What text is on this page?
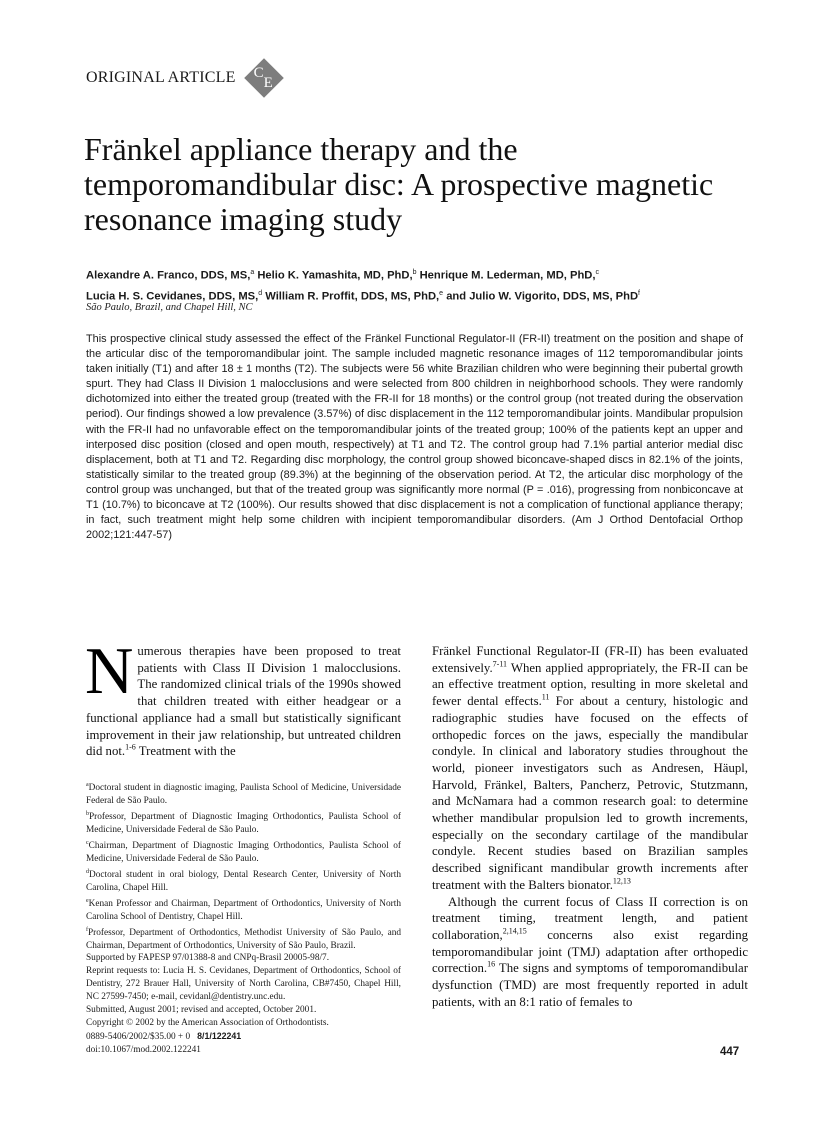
ORIGINAL ARTICLE C
E
Fränkel appliance therapy and the temporomandibular disc: A prospective magnetic resonance imaging study
Alexandre A. Franco, DDS, MS,$^a$ Helio K. Yamashita, MD, PhD,$^b$ Henrique M. Lederman, MD, PhD,$^c$
Lucia H. S. Cevidanes, DDS, MS,$^d$ William R. Proffit, DDS, MS, PhD,$^e$ and Julio W. Vigorito, DDS, MS, PhD$^f$
São Paulo, Brazil, and Chapel Hill, NC
This prospective clinical study assessed the effect of the Fränkel Functional Regulator-II (FR-II) treatment on the position and shape of the articular disc of the temporomandibular joint. The sample included magnetic resonance images of 112 temporomandibular joints taken initially (T1) and after 18 ± 1 months (T2). The subjects were 56 white Brazilian children who were beginning their pubertal growth spurt. They had Class II Division 1 malocclusions and were selected from 800 children in neighborhood schools. They were randomly dichotomized into either the treated group (treated with the FR-II for 18 months) or the control group (not treated during the observation period). Our findings showed a low prevalence (3.57%) of disc displacement in the 112 temporomandibular joints. Mandibular propulsion with the FR-II had no unfavorable effect on the temporomandibular joints of the treated group; 100% of the patients kept an upper and interposed disc position (closed and open mouth, respectively) at T1 and T2. The control group had 7.1% partial anterior medial disc displacement, both at T1 and T2. Regarding disc morphology, the control group showed biconcave-shaped discs in 82.1% of the joints, statistically similar to the treated group (89.3%) at the beginning of the observation period. At T2, the articular disc morphology of the control group was unchanged, but that of the treated group was significantly more normal (P = .016), progressing from nonbiconcave at T1 (10.7%) to biconcave at T2 (100%). Our results showed that disc displacement is not a complication of functional appliance therapy; in fact, such treatment might help some children with incipient temporomandibular disorders. (Am J Orthod Dentofacial Orthop 2002;121:447-57)

Numerous therapies have been proposed to treat patients with Class II Division 1 malocclusions. The randomized clinical trials of the 1990s showed that children treated with either headgear or a functional appliance had a small but statistically significant improvement in their jaw relationship, but untreated children did not.$^{1-6}$ Treatment with the

$^a$Doctoral student in diagnostic imaging, Paulista School of Medicine, Universidade Federal de São Paulo.

$^b$Professor, Department of Diagnostic Imaging Orthodontics, Paulista School of Medicine, Universidade Federal de São Paulo.

$^c$Chairman, Department of Diagnostic Imaging Orthodontics, Paulista School of Medicine, Universidade Federal de São Paulo.

$^d$Doctoral student in oral biology, Dental Research Center, University of North Carolina, Chapel Hill.

$^e$Kenan Professor and Chairman, Department of Orthodontics, University of North Carolina School of Dentistry, Chapel Hill.

$^f$Professor, Department of Orthodontics, Methodist University of São Paulo, and Chairman, Department of Orthodontics, University of São Paulo, Brazil.

Supported by FAPESP 97/01388-8 and CNPq-Brasil 20005-98/7.

Reprint requests to: Lucia H. S. Cevidanes, Department of Orthodontics, School of Dentistry, 272 Brauer Hall, University of North Carolina, CB#7450, Chapel Hill, NC 27599-7450; e-mail, cevidanl@dentistry.unc.edu.

Submitted, August 2001; revised and accepted, October 2001.

Copyright © 2002 by the American Association of Orthodontists.

0889-5406/2002/$35.00 + 0 8/1/122241

doi:10.1067/mod.2002.122241

Fränkel Functional Regulator-II (FR-II) has been evaluated extensively.$^{7-11}$ When applied appropriately, the FR-II can be an effective treatment option, resulting in more skeletal and fewer dental effects.$^{11}$ For about a century, histologic and radiographic studies have focused on the effects of orthopedic forces on the jaws, especially the mandibular condyle. In clinical and laboratory studies throughout the world, pioneer investigators such as Andresen, Häupl, Harvold, Fränkel, Balters, Pancherz, Petrovic, Stutzmann, and McNamara had a common research goal: to determine whether mandibular propulsion led to growth increments, especially on the secondary cartilage of the mandibular condyle. Recent studies based on Brazilian samples described significant mandibular growth increments after treatment with the Balters bionator.$^{12,13}$

Although the current focus of Class II correction is on treatment timing, treatment length, and patient collaboration,$^{2,14,15}$ concerns also exist regarding temporomandibular joint (TMJ) adaptation after orthopedic correction.$^{16}$ The signs and symptoms of temporomandibular dysfunction (TMD) are most frequently reported in adult patients, with an 8:1 ratio of females to

447
